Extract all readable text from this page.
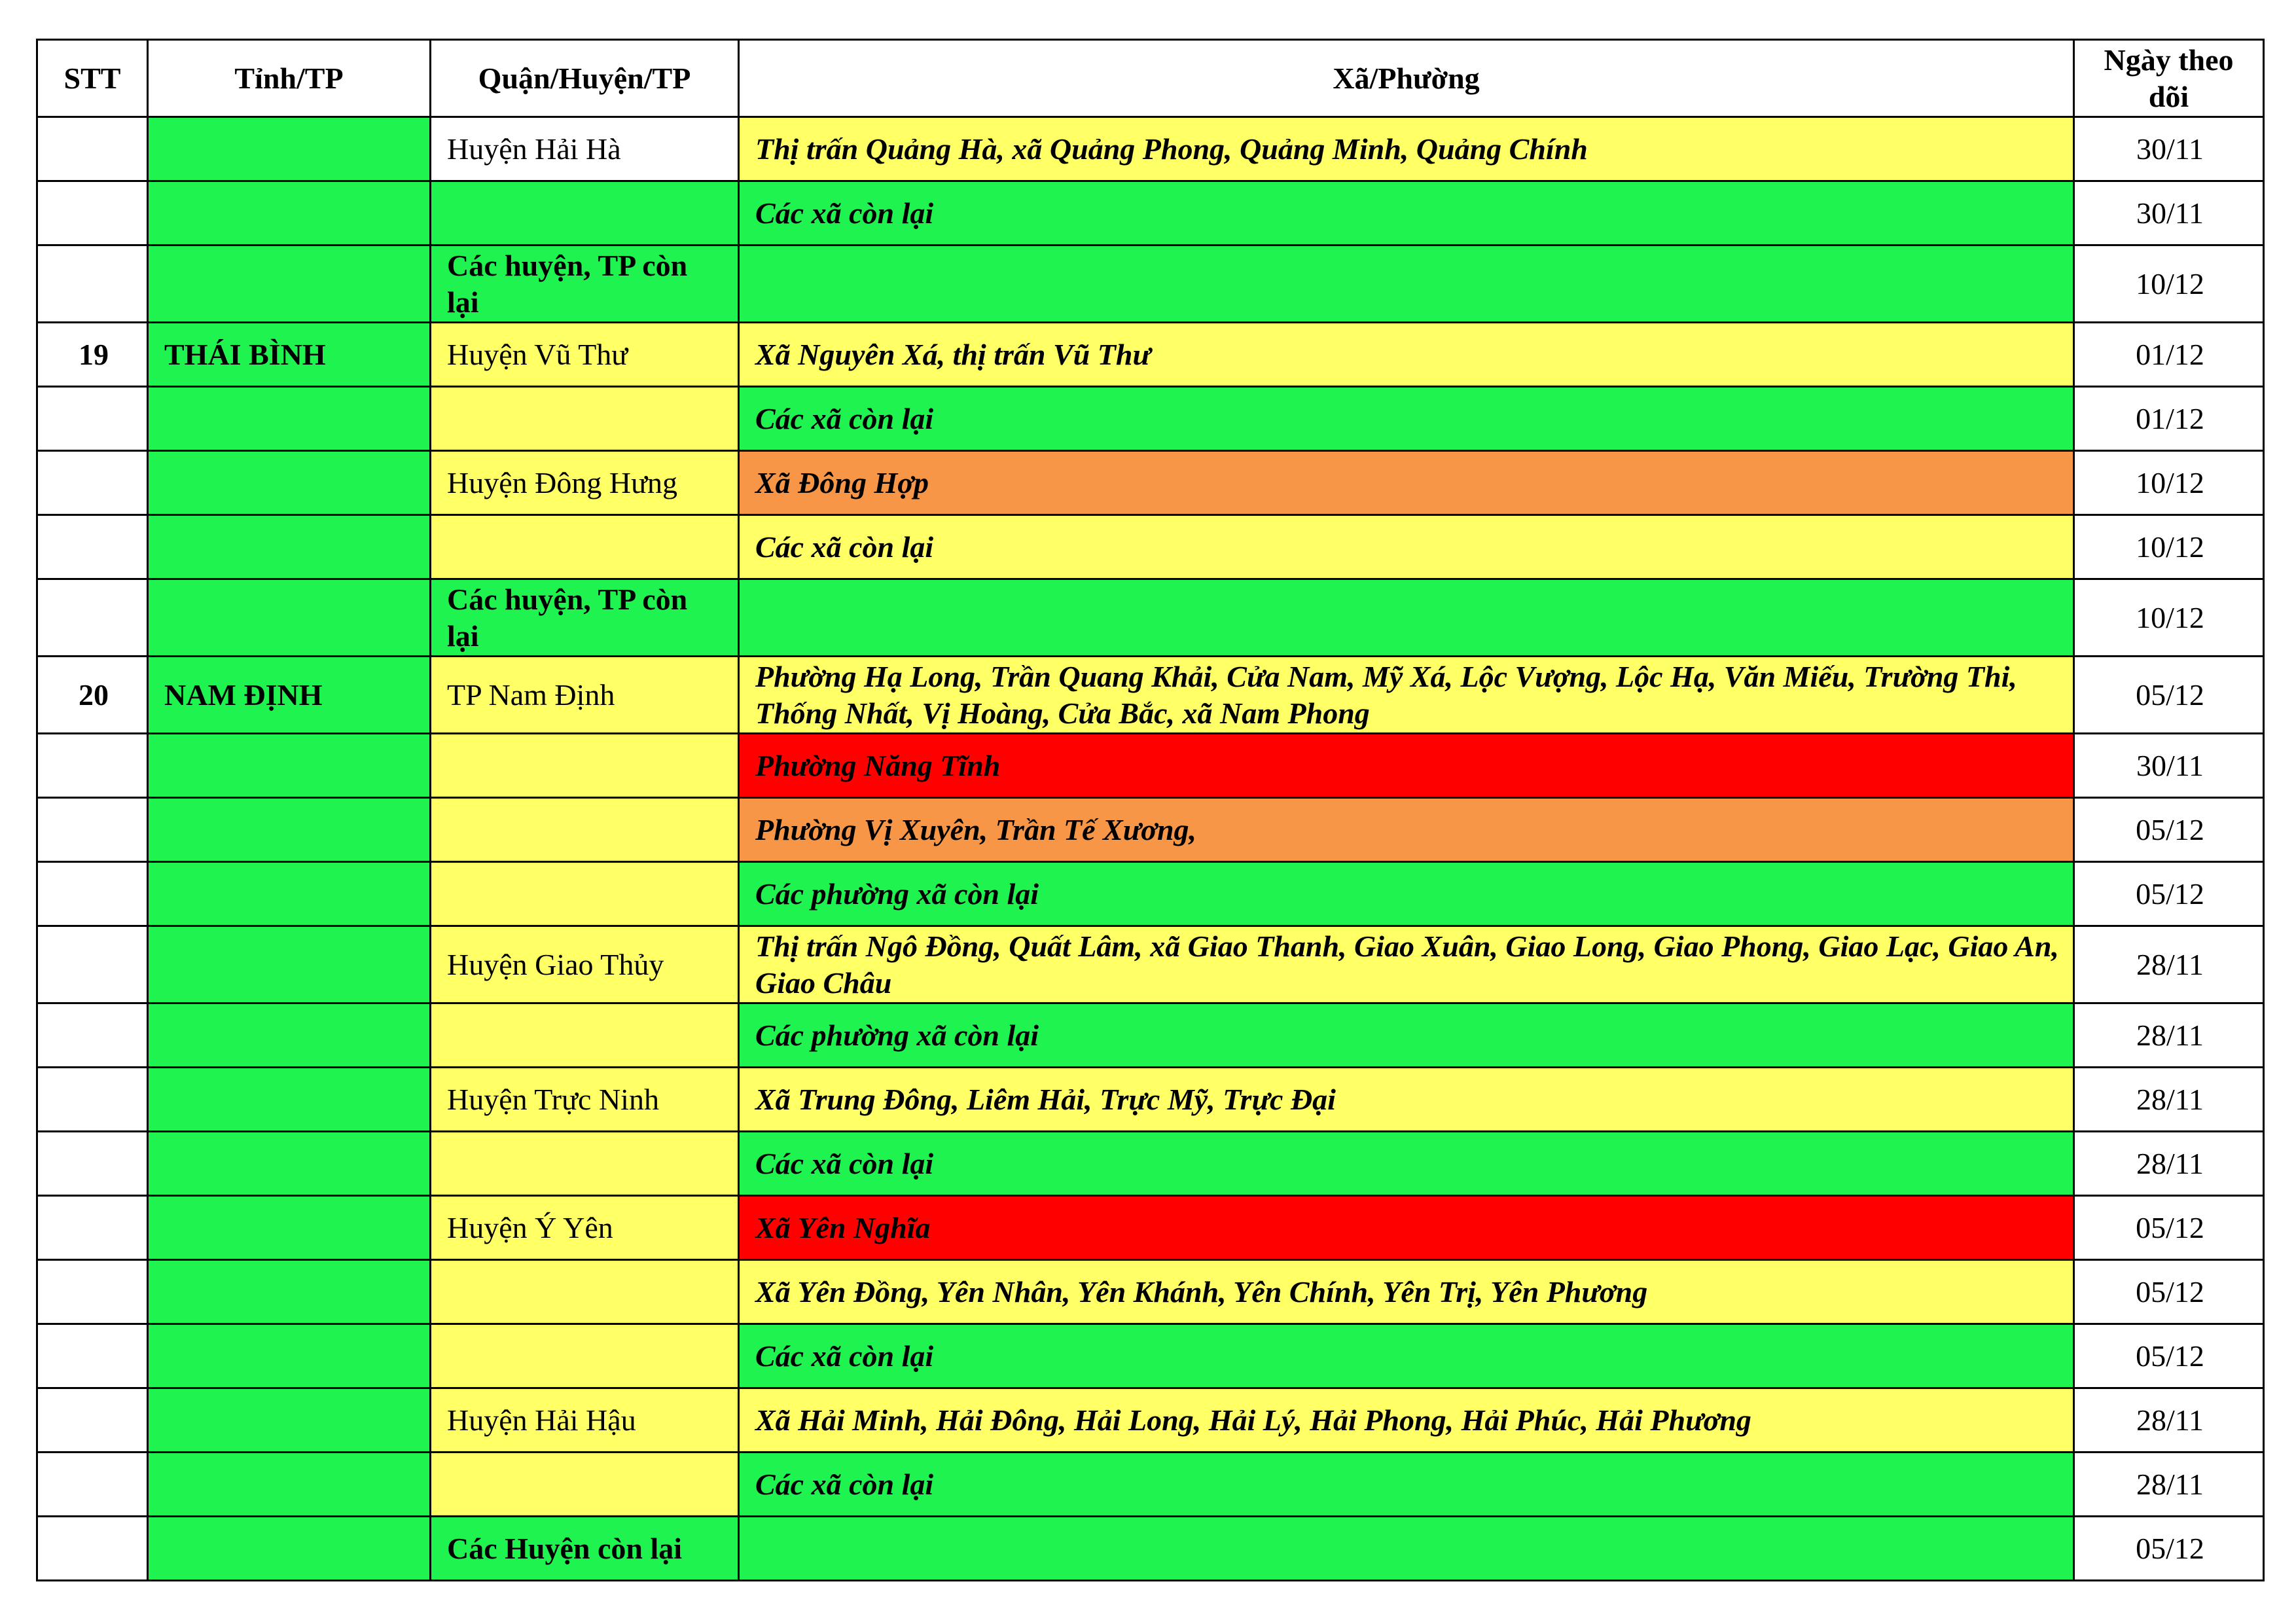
STT	Tỉnh/TP	Quận/Huyện/TP	Xã/Phường	Ngày theo dõi
		Huyện Hải Hà	Thị trấn Quảng Hà, xã Quảng Phong, Quảng Minh, Quảng Chính	30/11
			Các xã còn lại	30/11
		Các huyện, TP còn lại		10/12
19	THÁI BÌNH	Huyện Vũ Thư	Xã Nguyên Xá, thị trấn Vũ Thư	01/12
			Các xã còn lại	01/12
		Huyện Đông Hưng	Xã Đông Hợp	10/12
			Các xã còn lại	10/12
		Các huyện, TP còn lại		10/12
20	NAM ĐỊNH	TP Nam Định	Phường Hạ Long, Trần Quang Khải, Cửa Nam, Mỹ Xá, Lộc Vượng, Lộc Hạ, Văn Miếu, Trường Thi, Thống Nhất, Vị Hoàng, Cửa Bắc, xã Nam Phong	05/12
			Phường Năng Tĩnh	30/11
			Phường Vị Xuyên, Trần Tế Xương,	05/12
			Các phường xã còn lại	05/12
		Huyện Giao Thủy	Thị trấn Ngô Đồng, Quất Lâm, xã Giao Thanh, Giao Xuân, Giao Long, Giao Phong, Giao Lạc, Giao An, Giao Châu	28/11
			Các phường xã còn lại	28/11
		Huyện Trực Ninh	Xã Trung Đông, Liêm Hải, Trực Mỹ, Trực Đại	28/11
			Các xã còn lại	28/11
		Huyện Ý Yên	Xã Yên Nghĩa	05/12
			Xã Yên Đồng, Yên Nhân, Yên Khánh, Yên Chính, Yên Trị, Yên Phương	05/12
			Các xã còn lại	05/12
		Huyện Hải Hậu	Xã Hải Minh, Hải Đông, Hải Long, Hải Lý, Hải Phong, Hải Phúc, Hải Phương	28/11
			Các xã còn lại	28/11
		Các Huyện còn lại		05/12
